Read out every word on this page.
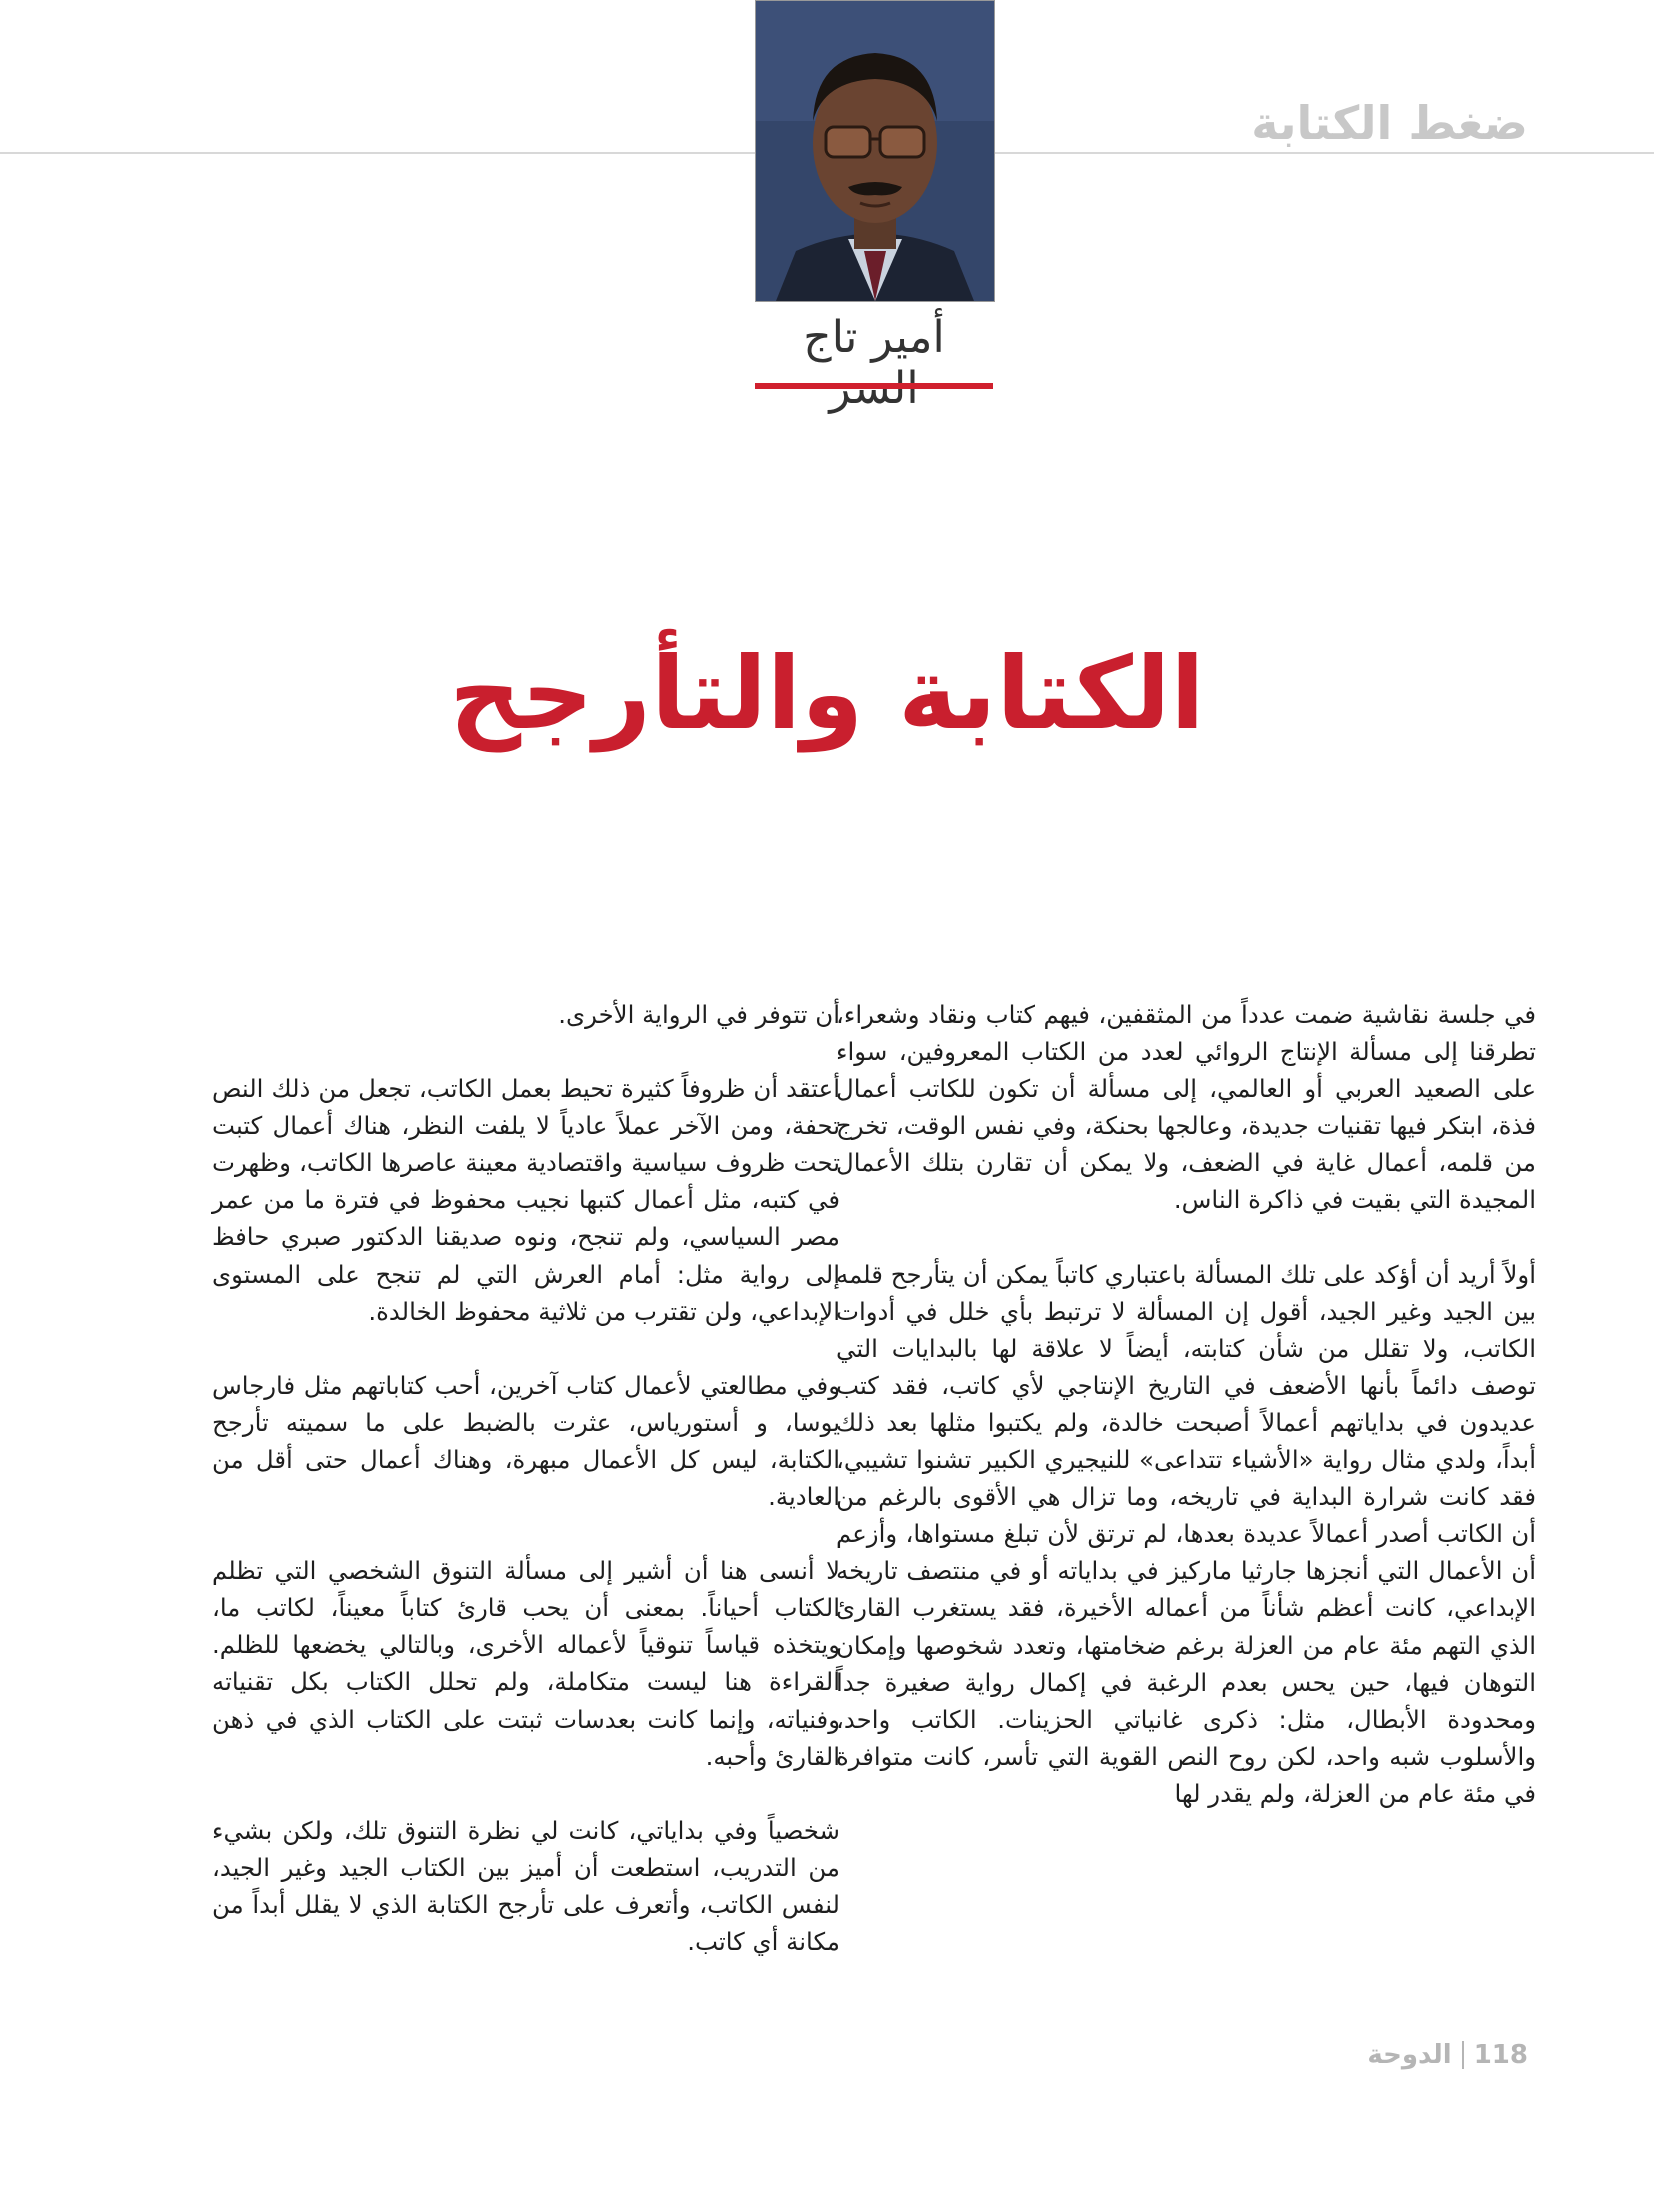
ضغط الكتابة
أمير تاج
الكتابة والتأرجح

في جلسة نقاشية ضمت عدداً من المثقفين، فيهم كتاب ونقاد وشعراء، تطرقنا إلى مسألة الإنتاج الروائي لعدد من الكتاب المعروفين، سواء على الصعيد العربي أو العالمي، إلى مسألة أن تكون للكاتب أعمال فذة، ابتكر فيها تقنيات جديدة، وعالجها بحنكة، وفي نفس الوقت، تخرج من قلمه، أعمال غاية في الضعف، ولا يمكن أن تقارن بتلك الأعمال المجيدة التي بقيت في ذاكرة الناس.

أولاً أريد أن أؤكد على تلك المسألة باعتباري كاتباً يمكن أن يتأرجح قلمه بين الجيد وغير الجيد، أقول إن المسألة لا ترتبط بأي خلل في أدوات الكاتب، ولا تقلل من شأن كتابته، أيضاً لا علاقة لها بالبدايات التي توصف دائماً بأنها الأضعف في التاريخ الإنتاجي لأي كاتب، فقد كتب عديدون في بداياتهم أعمالاً أصبحت خالدة، ولم يكتبوا مثلها بعد ذلك أبداً، ولدي مثال رواية «الأشياء تتداعى» للنيجيري الكبير تشنوا تشيبي، فقد كانت شرارة البداية في تاريخه، وما تزال هي الأقوى بالرغم من أن الكاتب أصدر أعمالاً عديدة بعدها، لم ترتق لأن تبلغ مستواها، وأزعم أن الأعمال التي أنجزها جارثيا ماركيز في بداياته أو في منتصف تاريخه الإبداعي، كانت أعظم شأناً من أعماله الأخيرة، فقد يستغرب القارئ الذي التهم مئة عام من العزلة برغم ضخامتها، وتعدد شخوصها وإمكان التوهان فيها، حين يحس بعدم الرغبة في إكمال رواية صغيرة جداً ومحدودة الأبطال، مثل: ذكرى غانياتي الحزينات. الكاتب واحد، والأسلوب شبه واحد، لكن روح النص القوية التي تأسر، كانت متوافرة في مئة عام من العزلة، ولم يقدر لها

أن تتوفر في الرواية الأخرى.

أعتقد أن ظروفاً كثيرة تحيط بعمل الكاتب، تجعل من ذلك النص تحفة، ومن الآخر عملاً عادياً لا يلفت النظر، هناك أعمال كتبت تحت ظروف سياسية واقتصادية معينة عاصرها الكاتب، وظهرت في كتبه، مثل أعمال كتبها نجيب محفوظ في فترة ما من عمر مصر السياسي، ولم تنجح، ونوه صديقنا الدكتور صبري حافظ إلى رواية مثل: أمام العرش التي لم تنجح على المستوى الإبداعي، ولن تقترب من ثلاثية محفوظ الخالدة.

وفي مطالعتي لأعمال كتاب آخرين، أحب كتاباتهم مثل فارجاس يوسا، و أستورياس، عثرت بالضبط على ما سميته تأرجح الكتابة، ليس كل الأعمال مبهرة، وهناك أعمال حتى أقل من العادية.

لا أنسى هنا أن أشير إلى مسألة التنوق الشخصي التي تظلم الكتاب أحياناً. بمعنى أن يحب قارئ كتاباً معيناً، لكاتب ما، ويتخذه قياساً تنوقياً لأعماله الأخرى، وبالتالي يخضعها للظلم. القراءة هنا ليست متكاملة، ولم تحلل الكتاب بكل تقنياته وفنياته، وإنما كانت بعدسات ثبتت على الكتاب الذي في ذهن القارئ وأحبه.

شخصياً وفي بداياتي، كانت لي نظرة التنوق تلك، ولكن بشيء من التدريب، استطعت أن أميز بين الكتاب الجيد وغير الجيد، لنفس الكاتب، وأتعرف على تأرجح الكتابة الذي لا يقلل أبداً من مكانة أي كاتب.

118
الدوحة
